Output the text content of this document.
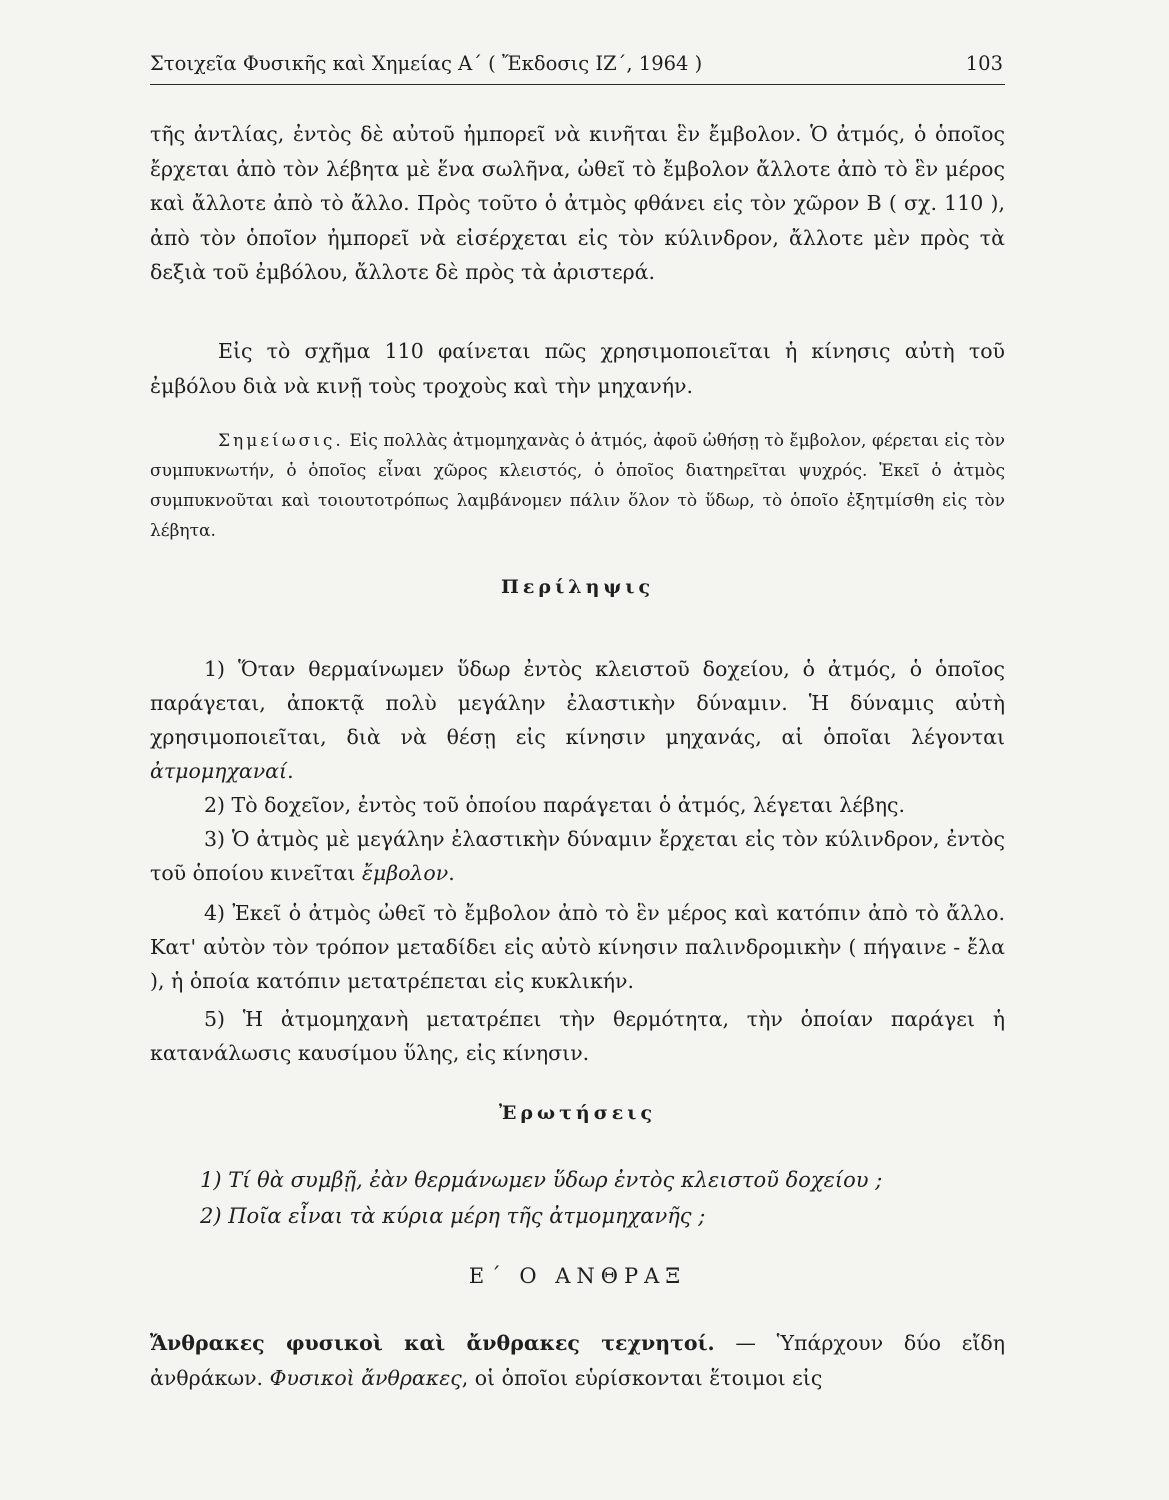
Στοιχεῖα Φυσικῆς καὶ Χημείας Α΄ ( Ἔκδοσις ΙΖ΄, 1964 )	103

τῆς ἀντλίας, ἐντὸς δὲ αὐτοῦ ἠμπορεῖ νὰ κινῆται ἓν ἔμβολον. Ὁ ἀτμός, ὁ ὁποῖος ἔρχεται ἀπὸ τὸν λέβητα μὲ ἕνα σωλῆνα, ὠθεῖ τὸ ἔμβολον ἄλλοτε ἀπὸ τὸ ἓν μέρος καὶ ἄλλοτε ἀπὸ τὸ ἄλλο. Πρὸς τοῦτο ὁ ἀτμὸς φθάνει εἰς τὸν χῶρον Β ( σχ. 110 ), ἀπὸ τὸν ὁποῖον ἠμπορεῖ νὰ εἰσέρχεται εἰς τὸν κύλινδρον, ἄλλοτε μὲν πρὸς τὰ δεξιὰ τοῦ ἐμβόλου, ἄλλοτε δὲ πρὸς τὰ ἀριστερά.

Εἰς τὸ σχῆμα 110 φαίνεται πῶς χρησιμοποιεῖται ἡ κίνησις αὐτὴ τοῦ ἐμβόλου διὰ νὰ κινῇ τοὺς τροχοὺς καὶ τὴν μηχανήν.

Σημείωσις. Εἰς πολλὰς ἀτμομηχανὰς ὁ ἀτμός, ἀφοῦ ὠθήσῃ τὸ ἔμβολον, φέρεται εἰς τὸν συμπυκνωτήν, ὁ ὁποῖος εἶναι χῶρος κλειστός, ὁ ὁποῖος διατηρεῖται ψυχρός. Ἐκεῖ ὁ ἀτμὸς συμπυκνοῦται καὶ τοιουτοτρόπως λαμβάνομεν πάλιν ὅλον τὸ ὕδωρ, τὸ ὁποῖο ἐξητμίσθη εἰς τὸν λέβητα.

Περίληψις

1) Ὅταν θερμαίνωμεν ὕδωρ ἐντὸς κλειστοῦ δοχείου, ὁ ἀτμός, ὁ ὁποῖος παράγεται, ἀποκτᾷ πολὺ μεγάλην ἐλαστικὴν δύναμιν. Ἡ δύναμις αὐτὴ χρησιμοποιεῖται, διὰ νὰ θέσῃ εἰς κίνησιν μηχανάς, αἱ ὁποῖαι λέγονται ἀτμομηχαναί.

2) Τὸ δοχεῖον, ἐντὸς τοῦ ὁποίου παράγεται ὁ ἀτμός, λέγεται λέβης.

3) Ὁ ἀτμὸς μὲ μεγάλην ἐλαστικὴν δύναμιν ἔρχεται εἰς τὸν κύλινδρον, ἐντὸς τοῦ ὁποίου κινεῖται ἔμβολον.

4) Ἐκεῖ ὁ ἀτμὸς ὠθεῖ τὸ ἔμβολον ἀπὸ τὸ ἓν μέρος καὶ κατόπιν ἀπὸ τὸ ἄλλο. Κατ' αὐτὸν τὸν τρόπον μεταδίδει εἰς αὐτὸ κίνησιν παλινδρομικὴν ( πήγαινε - ἔλα ), ἡ ὁποία κατόπιν μετατρέπεται εἰς κυκλικήν.

5) Ἡ ἀτμομηχανὴ μετατρέπει τὴν θερμότητα, τὴν ὁποίαν παράγει ἡ κατανάλωσις καυσίμου ὕλης, εἰς κίνησιν.

Ἐρωτήσεις

1) Τί θὰ συμβῇ, ἐὰν θερμάνωμεν ὕδωρ ἐντὸς κλειστοῦ δοχείου ;

2) Ποῖα εἶναι τὰ κύρια μέρη τῆς ἀτμομηχανῆς ;

Ε΄ Ο ΑΝΘΡΑΞ

Ἄνθρακες φυσικοὶ καὶ ἄνθρακες τεχνητοί. — Ὑπάρχουν δύο εἴδη ἀνθράκων. Φυσικοὶ ἄνθρακες, οἱ ὁποῖοι εὑρίσκονται ἕτοιμοι εἰς
